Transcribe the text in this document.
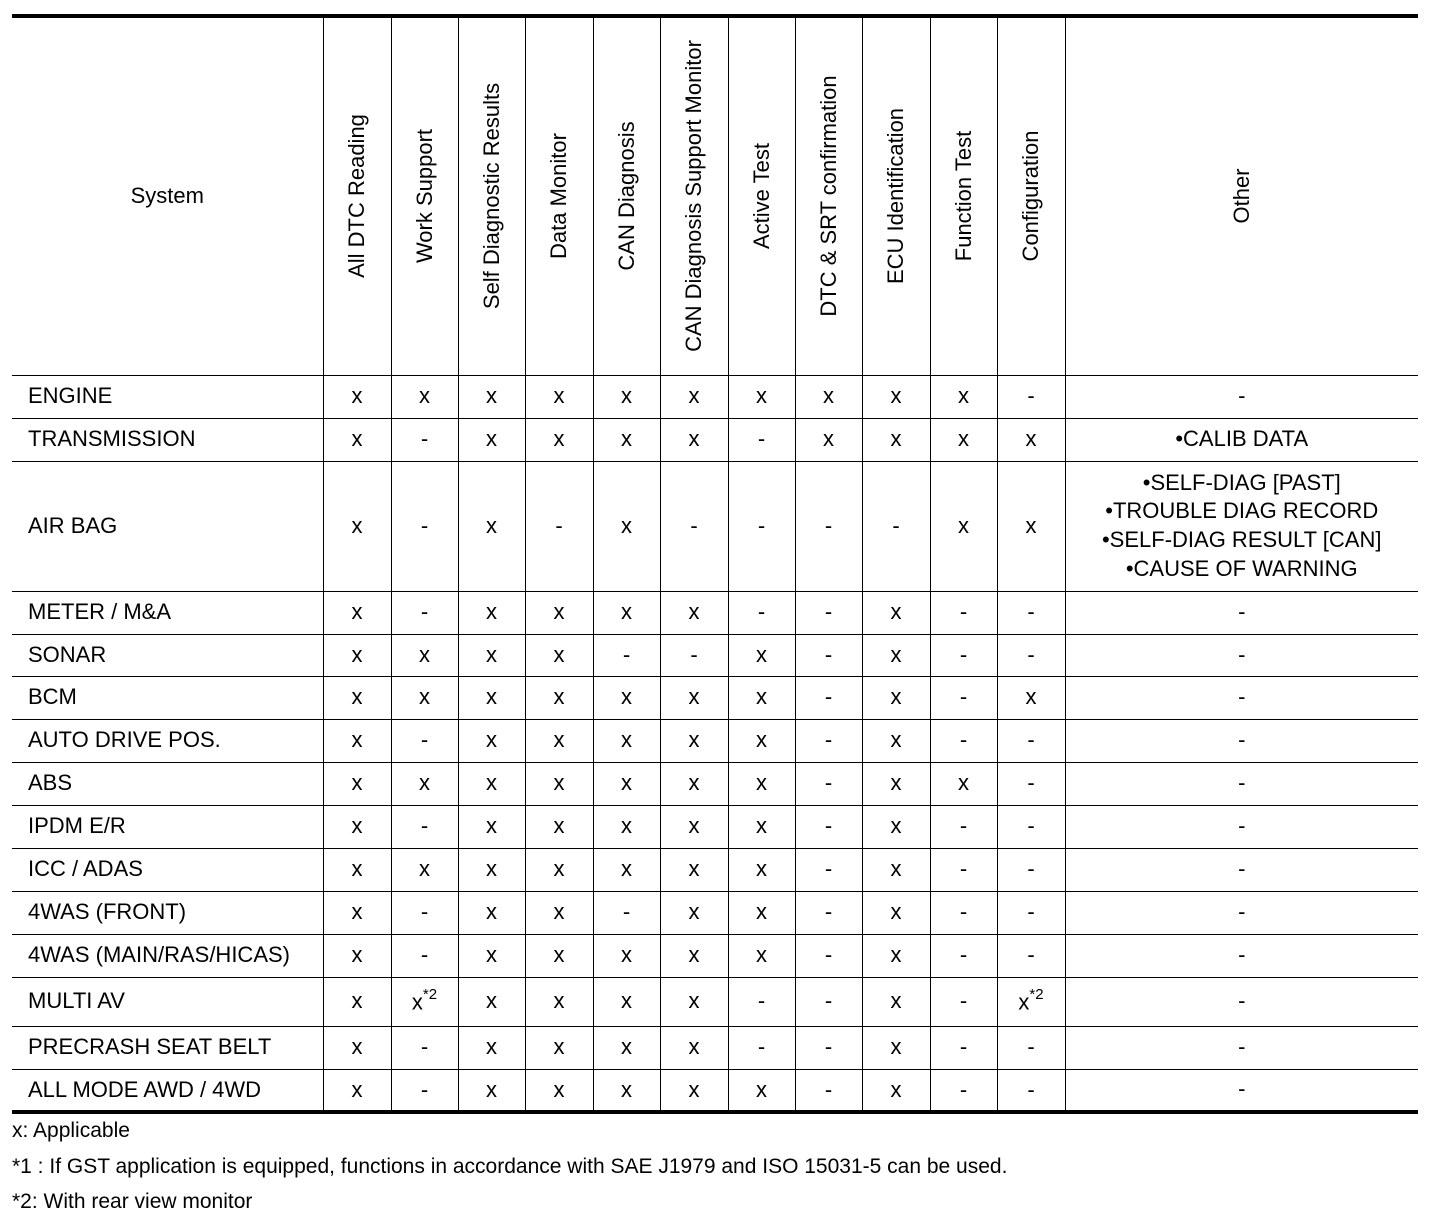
System	All DTC Reading	Work Support	Self Diagnostic Results	Data Monitor	CAN Diagnosis	CAN Diagnosis Support Monitor	Active Test	DTC & SRT confirmation	ECU Identification	Function Test	Configuration	Other

ENGINE	x	x	x	x	x	x	x	x	x	x	-	-

TRANSMISSION	x	-	x	x	x	x	-	x	x	x	x	•CALIB DATA

AIR BAG	x	-	x	-	x	-	-	-	-	x	x	•SELF-DIAG [PAST]
•TROUBLE DIAG RECORD
•SELF-DIAG RESULT [CAN]
•CAUSE OF WARNING

METER / M&A	x	-	x	x	x	x	-	-	x	-	-	-

SONAR	x	x	x	x	-	-	x	-	x	-	-	-

BCM	x	x	x	x	x	x	x	-	x	-	x	-

AUTO DRIVE POS.	x	-	x	x	x	x	x	-	x	-	-	-

ABS	x	x	x	x	x	x	x	-	x	x	-	-

IPDM E/R	x	-	x	x	x	x	x	-	x	-	-	-

ICC / ADAS	x	x	x	x	x	x	x	-	x	-	-	-

4WAS (FRONT)	x	-	x	x	-	x	x	-	x	-	-	-

4WAS (MAIN/RAS/HICAS)	x	-	x	x	x	x	x	-	x	-	-	-

MULTI AV	x	$x^{*2}$	x	x	x	x	-	-	x	-	$x^{*2}$	-

PRECRASH SEAT BELT	x	-	x	x	x	x	-	-	x	-	-	-

ALL MODE AWD / 4WD	x	-	x	x	x	x	x	-	x	-	-	-
x: Applicable
*1 : If GST application is equipped, functions in accordance with SAE J1979 and ISO 15031-5 can be used.
*2: With rear view monitor
